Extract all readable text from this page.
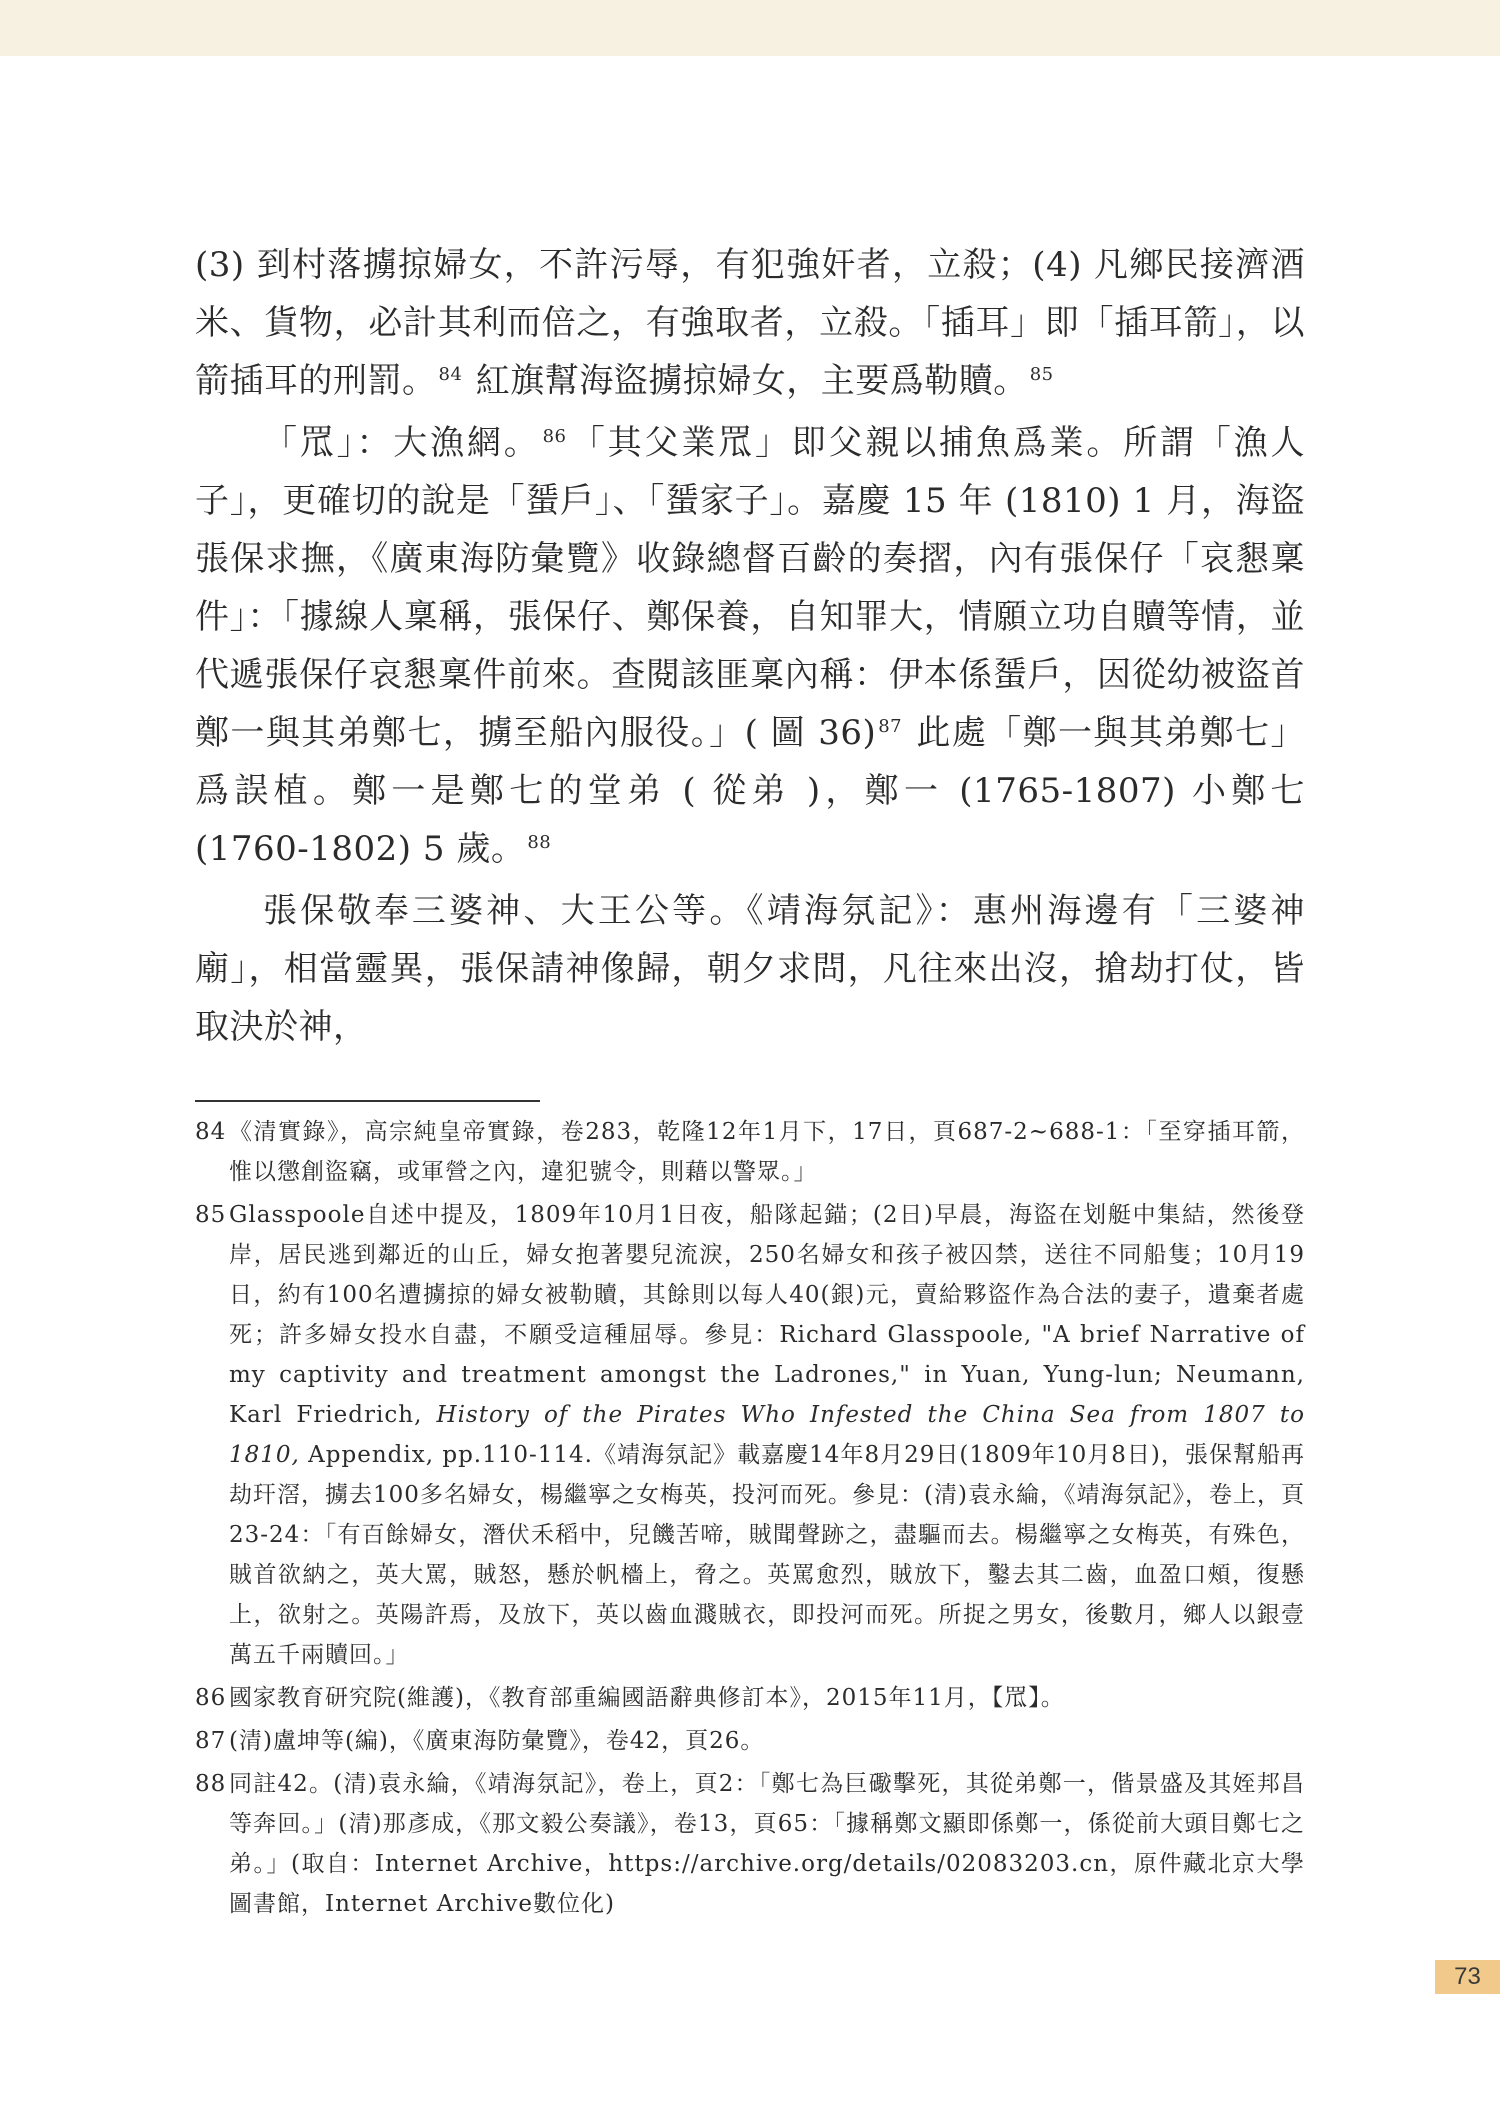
(3) 到村落擄掠婦女，不許污辱，有犯強奸者，立殺；(4) 凡鄉民接濟酒米、貨物，必計其利而倍之，有強取者，立殺。「插耳」即「插耳箭」，以箭插耳的刑罰。 $^{84}$ 紅旗幫海盜擄掠婦女，主要爲勒贖。 $^{85}$

「罛」：大漁網。 $^{86}$「其父業罛」即父親以捕魚爲業。所謂「漁人子」，更確切的說是「蜑戶」、「蜑家子」。嘉慶 15 年 (1810) 1 月，海盜張保求撫，《廣東海防彙覽》收錄總督百齡的奏摺，內有張保仔「哀懇稟件」：「據線人稟稱，張保仔、鄭保養，自知罪大，情願立功自贖等情，並代遞張保仔哀懇稟件前來。查閱該匪稟內稱：伊本係蜑戶，因從幼被盜首鄭一與其弟鄭七，擄至船內服役。」( 圖 36) $^{87}$ 此處「鄭一與其弟鄭七」爲誤植。鄭一是鄭七的堂弟 ( 從弟 )，鄭一 (1765-1807) 小鄭七 (1760-1802) 5 歲。 $^{88}$

張保敬奉三婆神、大王公等。《靖海氛記》：惠州海邊有「三婆神廟」，相當靈異，張保請神像歸，朝夕求問，凡往來出沒，搶劫打仗，皆取決於神，

84 《清實錄》，高宗純皇帝實錄，卷283，乾隆12年1月下，17日，頁687-2~688-1：「至穿插耳箭，惟以懲創盜竊，或軍營之內，違犯號令，則藉以警眾。」
85 Glasspoole自述中提及，1809年10月1日夜，船隊起錨；(2日)早晨，海盜在划艇中集結，然後登岸，居民逃到鄰近的山丘，婦女抱著嬰兒流淚，250名婦女和孩子被囚禁，送往不同船隻；10月19日，約有100名遭擄掠的婦女被勒贖，其餘則以每人40(銀)元，賣給夥盜作為合法的妻子，遺棄者處死；許多婦女投水自盡，不願受這種屈辱。參見：Richard Glasspoole, "A brief Narrative of my captivity and treatment amongst the Ladrones," in Yuan, Yung-lun; Neumann, Karl Friedrich, History of the Pirates Who Infested the China Sea from 1807 to 1810, Appendix, pp.110-114.《靖海氛記》載嘉慶14年8月29日(1809年10月8日)，張保幫船再劫玕滘，擄去100多名婦女，楊繼寧之女梅英，投河而死。參見：(清)袁永綸，《靖海氛記》，卷上，頁23-24：「有百餘婦女，潛伏禾稻中，兒饑苦啼，賊聞聲跡之，盡驅而去。楊繼寧之女梅英，有殊色，賊首欲納之，英大罵，賊怒，懸於帆檣上，脅之。英罵愈烈，賊放下，鑿去其二齒，血盈口頰，復懸上，欲射之。英陽許焉，及放下，英以齒血濺賊衣，即投河而死。所捉之男女，後數月，鄉人以銀壹萬五千兩贖回。」
86 國家教育研究院(維護)，《教育部重編國語辭典修訂本》，2015年11月，【罛】。
87 (清)盧坤等(編)，《廣東海防彙覽》，卷42，頁26。
88 同註42。(清)袁永綸，《靖海氛記》，卷上，頁2：「鄭七為巨礮擊死，其從弟鄭一，偕景盛及其姪邦昌等奔回。」(清)那彥成，《那文毅公奏議》，卷13，頁65：「據稱鄭文顯即係鄭一，係從前大頭目鄭七之弟。」(取自：Internet Archive，https://archive.org/details/02083203.cn，原件藏北京大學圖書館，Internet Archive數位化)
73
